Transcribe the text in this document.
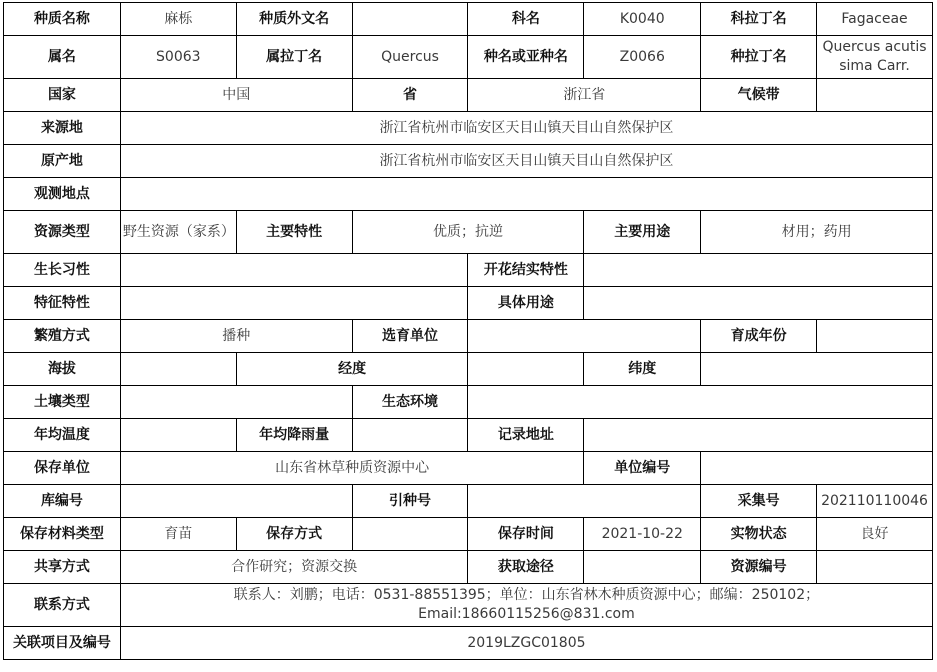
种质名称	麻栎	种质外文名		科名	K0040	科拉丁名	Fagaceae
属名	S0063	属拉丁名	Quercus	种名或亚种名	Z0066	种拉丁名	Quercus acutissima Carr.
国家	中国		省	浙江省		气候带	
来源地	浙江省杭州市临安区天目山镇天目山自然保护区						
原产地	浙江省杭州市临安区天目山镇天目山自然保护区						
观测地点							
资源类型	野生资源（家系）	主要特性	优质；抗逆		主要用途	材用；药用	
生长习性				开花结实特性			
特征特性				具体用途			
繁殖方式	播种		选育单位			育成年份	
海拔		经度			纬度		
土壤类型			生态环境				
年均温度		年均降雨量		记录地址			
保存单位	山东省林草种质资源中心				单位编号		
库编号			引种号			采集号	202110110046
保存材料类型	育苗	保存方式		保存时间	2021-10-22	实物状态	良好
共享方式	合作研究；资源交换			获取途径		资源编号	
联系方式	联系人：刘鹏；电话：0531-88551395；单位：山东省林木种质资源中心；邮编：250102；
Email:18660115256@831.com						

关联项目及编号	2019LZGC01805						
